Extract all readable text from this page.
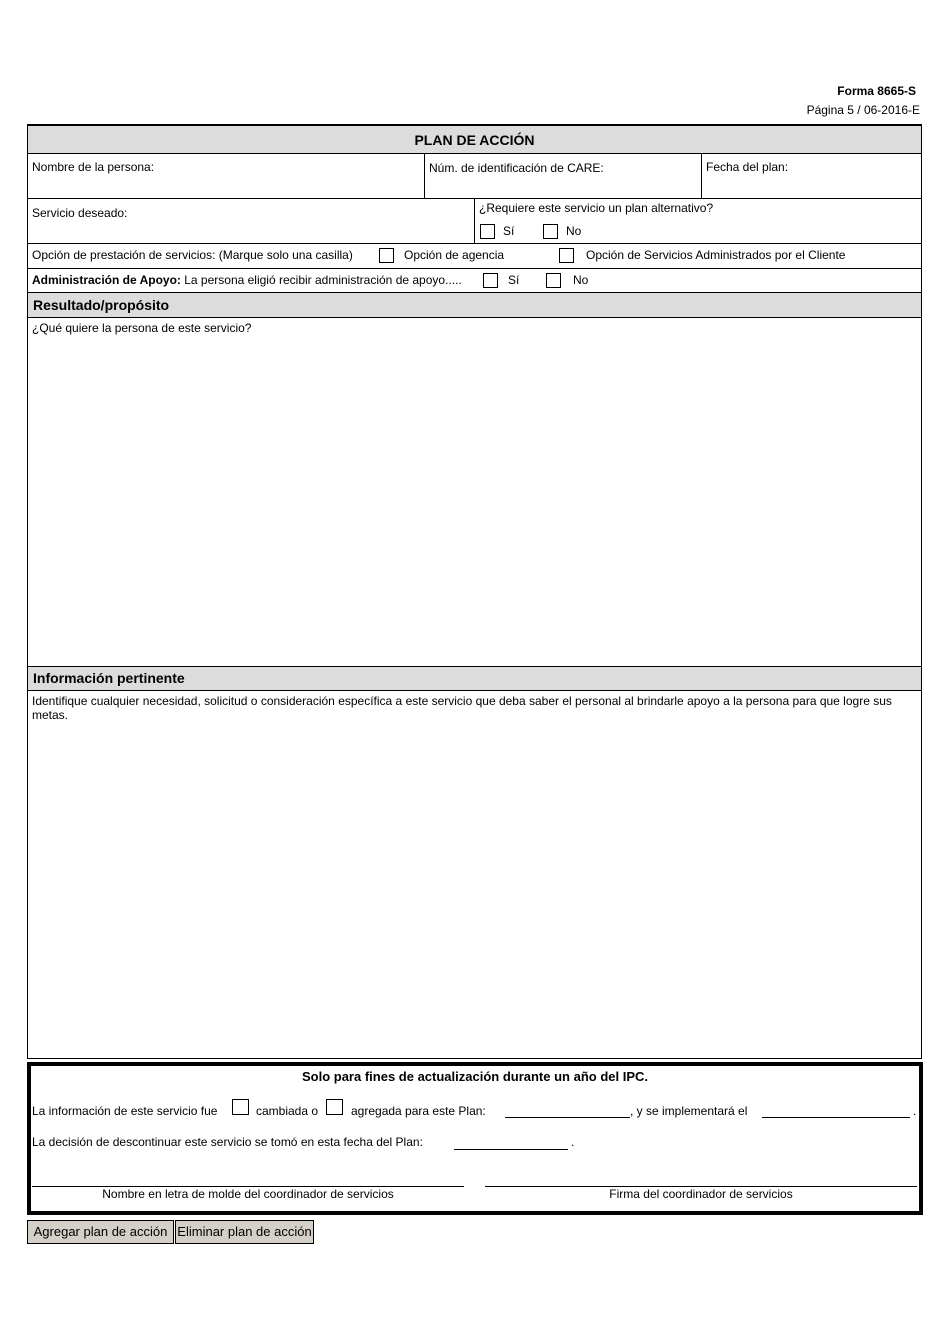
Forma 8665-S
Página 5 / 06-2016-E
PLAN DE ACCIÓN
Nombre de la persona:	Núm. de identificación de CARE:	Fecha del plan:
Servicio deseado:	¿Requiere este servicio un plan alternativo?
Sí	No
Opción de prestación de servicios: (Marque solo una casilla)	Opción de agencia	Opción de Servicios Administrados por el Cliente
Administración de Apoyo: La persona eligió recibir administración de apoyo.....	Sí	No
Resultado/propósito
¿Qué quiere la persona de este servicio?
Información pertinente
Identifique cualquier necesidad, solicitud o consideración específica a este servicio que deba saber el personal al brindarle apoyo a la persona para que logre sus metas.
Solo para fines de actualización durante un año del IPC.
La información de este servicio fue	cambiada o	agregada para este Plan:	, y se implementará el	.
La decisión de descontinuar este servicio se tomó en esta fecha del Plan:	.
Nombre en letra de molde del coordinador de servicios	Firma del coordinador de servicios
Agregar plan de acción Eliminar plan de acción
